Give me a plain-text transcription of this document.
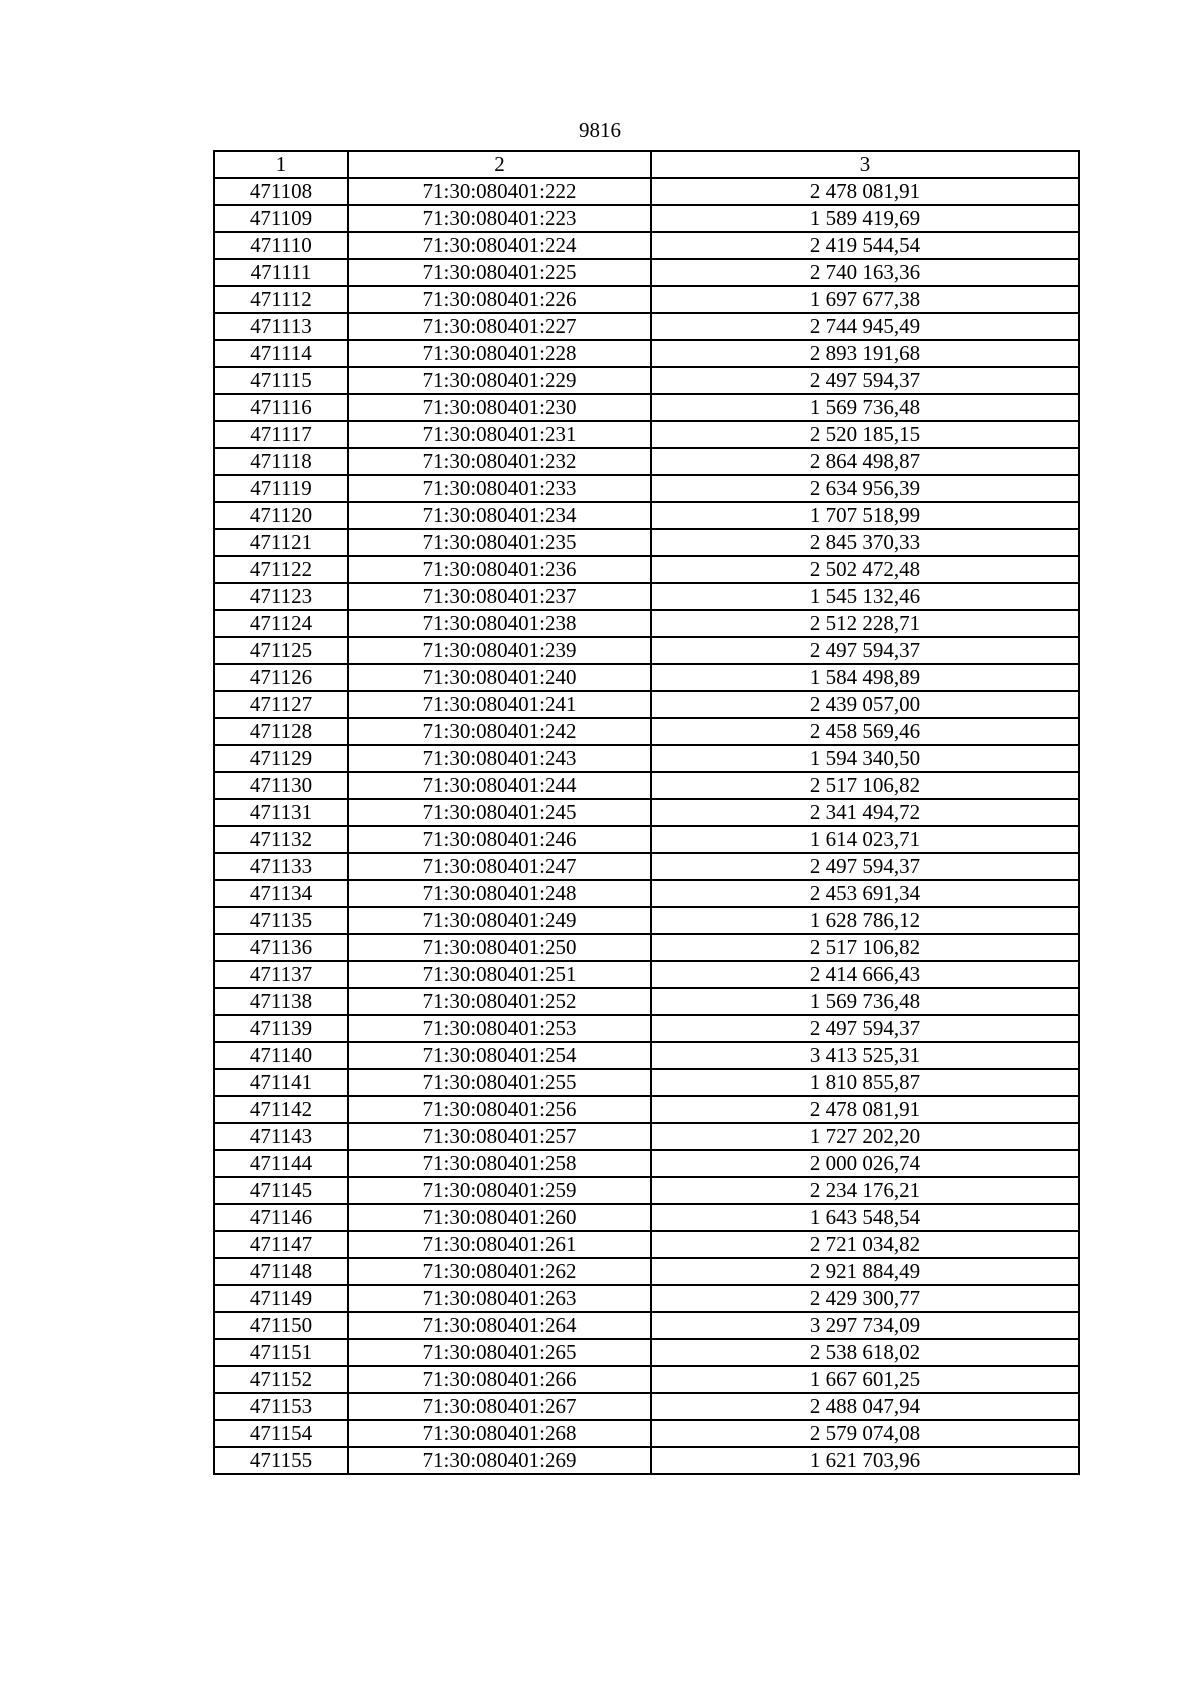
9816
1	2	3
471108	71:30:080401:222	2 478 081,91
471109	71:30:080401:223	1 589 419,69
471110	71:30:080401:224	2 419 544,54
471111	71:30:080401:225	2 740 163,36
471112	71:30:080401:226	1 697 677,38
471113	71:30:080401:227	2 744 945,49
471114	71:30:080401:228	2 893 191,68
471115	71:30:080401:229	2 497 594,37
471116	71:30:080401:230	1 569 736,48
471117	71:30:080401:231	2 520 185,15
471118	71:30:080401:232	2 864 498,87
471119	71:30:080401:233	2 634 956,39
471120	71:30:080401:234	1 707 518,99
471121	71:30:080401:235	2 845 370,33
471122	71:30:080401:236	2 502 472,48
471123	71:30:080401:237	1 545 132,46
471124	71:30:080401:238	2 512 228,71
471125	71:30:080401:239	2 497 594,37
471126	71:30:080401:240	1 584 498,89
471127	71:30:080401:241	2 439 057,00
471128	71:30:080401:242	2 458 569,46
471129	71:30:080401:243	1 594 340,50
471130	71:30:080401:244	2 517 106,82
471131	71:30:080401:245	2 341 494,72
471132	71:30:080401:246	1 614 023,71
471133	71:30:080401:247	2 497 594,37
471134	71:30:080401:248	2 453 691,34
471135	71:30:080401:249	1 628 786,12
471136	71:30:080401:250	2 517 106,82
471137	71:30:080401:251	2 414 666,43
471138	71:30:080401:252	1 569 736,48
471139	71:30:080401:253	2 497 594,37
471140	71:30:080401:254	3 413 525,31
471141	71:30:080401:255	1 810 855,87
471142	71:30:080401:256	2 478 081,91
471143	71:30:080401:257	1 727 202,20
471144	71:30:080401:258	2 000 026,74
471145	71:30:080401:259	2 234 176,21
471146	71:30:080401:260	1 643 548,54
471147	71:30:080401:261	2 721 034,82
471148	71:30:080401:262	2 921 884,49
471149	71:30:080401:263	2 429 300,77
471150	71:30:080401:264	3 297 734,09
471151	71:30:080401:265	2 538 618,02
471152	71:30:080401:266	1 667 601,25
471153	71:30:080401:267	2 488 047,94
471154	71:30:080401:268	2 579 074,08
471155	71:30:080401:269	1 621 703,96
